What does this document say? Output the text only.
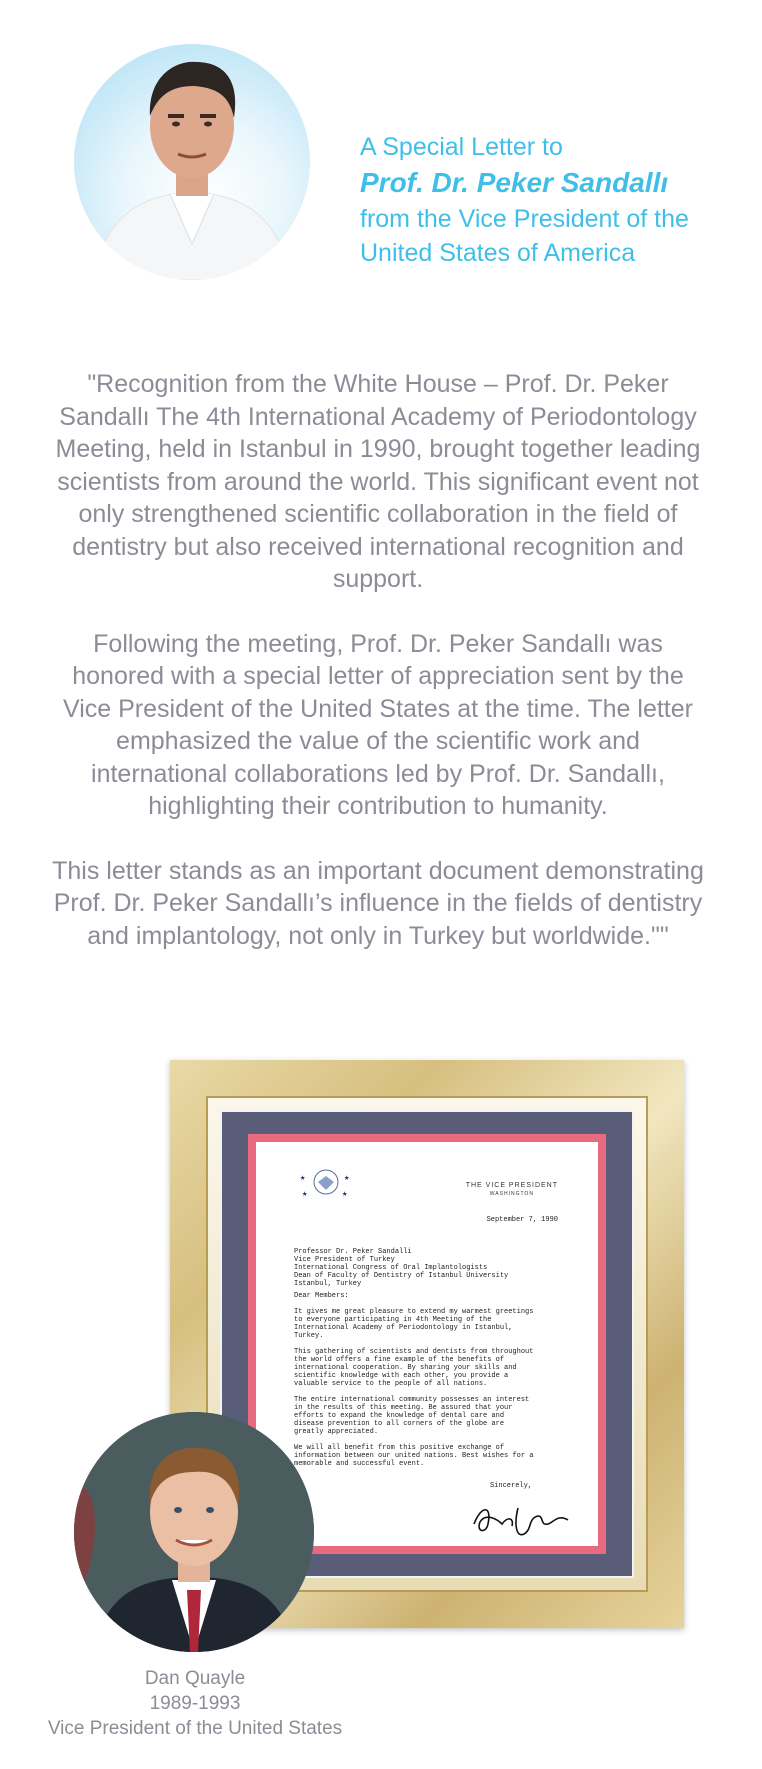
A Special Letter to
Prof. Dr. Peker Sandallı
from the Vice President of the
United States of America

"Recognition from the White House – Prof. Dr. Peker Sandallı The 4th International Academy of Periodontology Meeting, held in Istanbul in 1990, brought together leading scientists from around the world. This significant event not only strengthened scientific collaboration in the field of dentistry but also received international recognition and support.

Following the meeting, Prof. Dr. Peker Sandallı was honored with a special letter of appreciation sent by the Vice President of the United States at the time. The letter emphasized the value of the scientific work and international collaborations led by Prof. Dr. Sandallı, highlighting their contribution to humanity.

This letter stands as an important document demonstrating Prof. Dr. Peker Sandallı’s influence in the fields of dentistry and implantology, not only in Turkey but worldwide.""

★	★
★	★
THE VICE PRESIDENT
WASHINGTON
September 7, 1990
Professor Dr. Peker Sandalli
Vice President of Turkey
International Congress of Oral Implantologists
Dean of Faculty of Dentistry of Istanbul University
Istanbul, Turkey

Dear Members:

It gives me great pleasure to extend my warmest greetings to everyone participating in 4th Meeting of the International Academy of Periodontology in Istanbul, Turkey.

This gathering of scientists and dentists from throughout the world offers a fine example of the benefits of international cooperation. By sharing your skills and scientific knowledge with each other, you provide a valuable service to the people of all nations.

The entire international community possesses an interest in the results of this meeting. Be assured that your efforts to expand the knowledge of dental care and disease prevention to all corners of the globe are greatly appreciated.

We will all benefit from this positive exchange of information between our united nations. Best wishes for a memorable and successful event.

Sincerely,
Dan Quayle
1989-1993
Vice President of the United States
